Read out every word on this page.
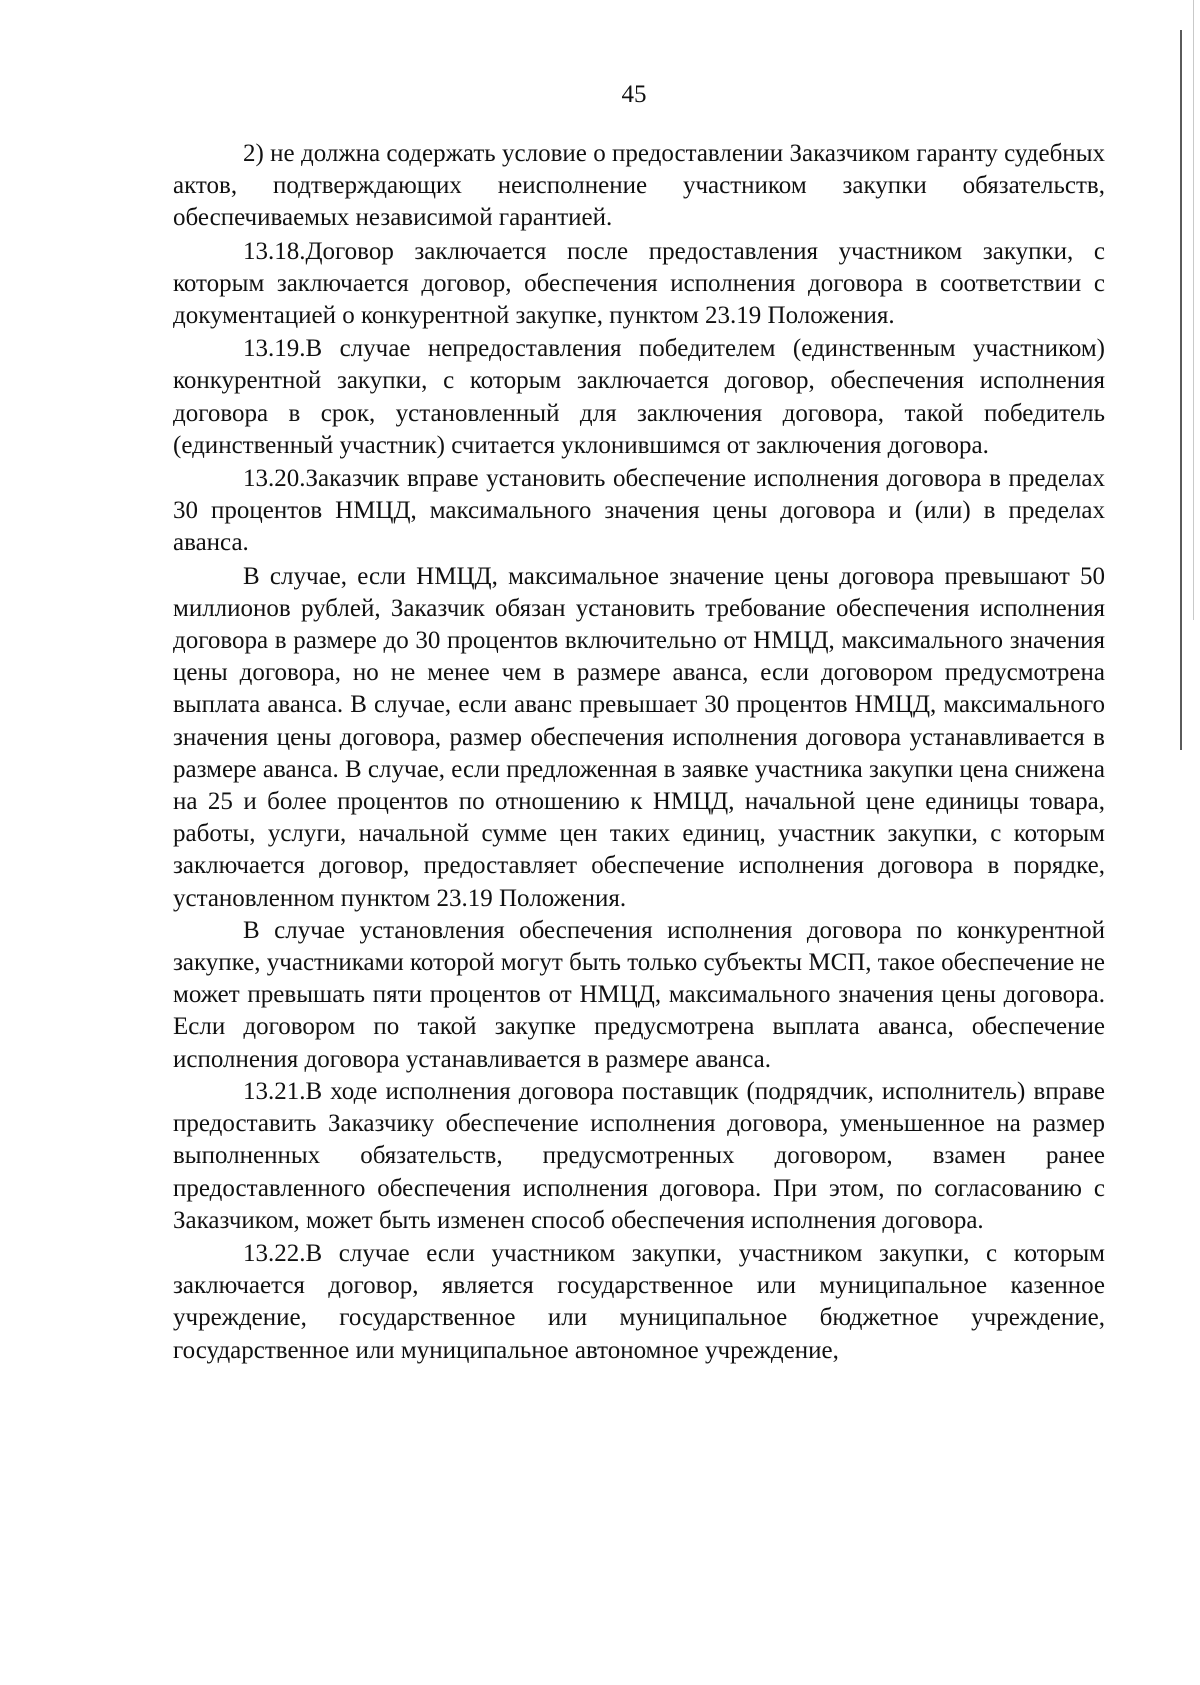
45

2) не должна содержать условие о предоставлении Заказчиком гаранту судебных актов, подтверждающих неисполнение участником закупки обязательств, обеспечиваемых независимой гарантией.

13.18.Договор заключается после предоставления участником закупки, с которым заключается договор, обеспечения исполнения договора в соответствии с документацией о конкурентной закупке, пунктом 23.19 Положения.

13.19.В случае непредоставления победителем (единственным участником) конкурентной закупки, с которым заключается договор, обеспечения исполнения договора в срок, установленный для заключения договора, такой победитель (единственный участник) считается уклонившимся от заключения договора.

13.20.Заказчик вправе установить обеспечение исполнения договора в пределах 30 процентов НМЦД, максимального значения цены договора и (или) в пределах аванса.

В случае, если НМЦД, максимальное значение цены договора превышают 50 миллионов рублей, Заказчик обязан установить требование обеспечения исполнения договора в размере до 30 процентов включительно от НМЦД, максимального значения цены договора, но не менее чем в размере аванса, если договором предусмотрена выплата аванса. В случае, если аванс превышает 30 процентов НМЦД, максимального значения цены договора, размер обеспечения исполнения договора устанавливается в размере аванса. В случае, если предложенная в заявке участника закупки цена снижена на 25 и более процентов по отношению к НМЦД, начальной цене единицы товара, работы, услуги, начальной сумме цен таких единиц, участник закупки, с которым заключается договор, предоставляет обеспечение исполнения договора в порядке, установленном пунктом 23.19 Положения.

В случае установления обеспечения исполнения договора по конкурентной закупке, участниками которой могут быть только субъекты МСП, такое обеспечение не может превышать пяти процентов от НМЦД, максимального значения цены договора. Если договором по такой закупке предусмотрена выплата аванса, обеспечение исполнения договора устанавливается в размере аванса.

13.21.В ходе исполнения договора поставщик (подрядчик, исполнитель) вправе предоставить Заказчику обеспечение исполнения договора, уменьшенное на размер выполненных обязательств, предусмотренных договором, взамен ранее предоставленного обеспечения исполнения договора. При этом, по согласованию с Заказчиком, может быть изменен способ обеспечения исполнения договора.

13.22.В случае если участником закупки, участником закупки, с которым заключается договор, является государственное или муниципальное казенное учреждение, государственное или муниципальное бюджетное учреждение, государственное или муниципальное автономное учреждение,
